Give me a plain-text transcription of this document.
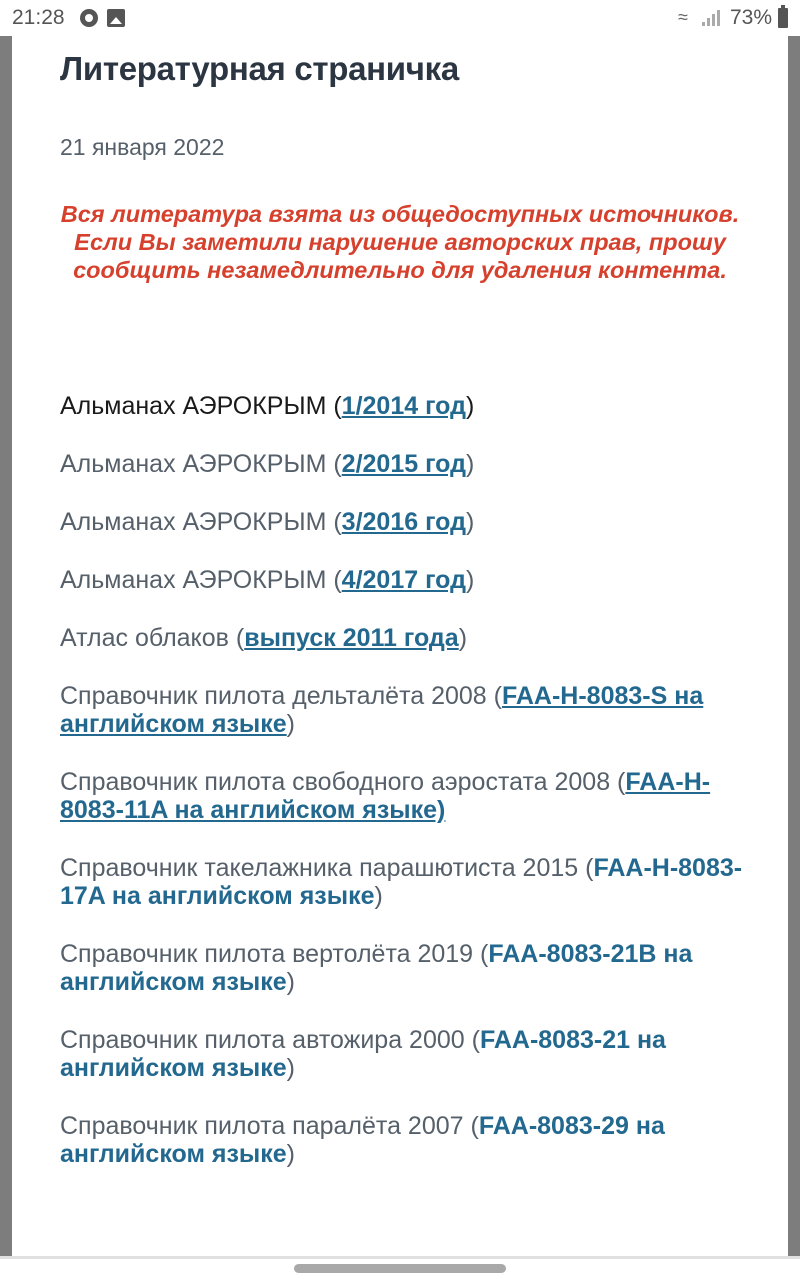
21:28	≈ 73%
Литературная страничка
21 января 2022
Вся литература взята из общедоступных источников. Если Вы заметили нарушение авторских прав, прошу сообщить незамедлительно для удаления контента.
Альманах АЭРОКРЫМ (1/2014 год)
Альманах АЭРОКРЫМ (2/2015 год)
Альманах АЭРОКРЫМ (3/2016 год)
Альманах АЭРОКРЫМ (4/2017 год)
Атлас облаков (выпуск 2011 года)
Справочник пилота дельталёта 2008 (FAA-H-8083-S на английском языке)
Справочник пилота свободного аэростата 2008 (FAA-H-8083-11A на английском языке)
Справочник такелажника парашютиста 2015 (FAA-H-8083-17A на английском языке)
Справочник пилота вертолёта 2019 (FAA-8083-21B на английском языке)
Справочник пилота автожира 2000 (FAA-8083-21 на английском языке)
Справочник пилота паралёта 2007 (FAA-8083-29 на английском языке)
